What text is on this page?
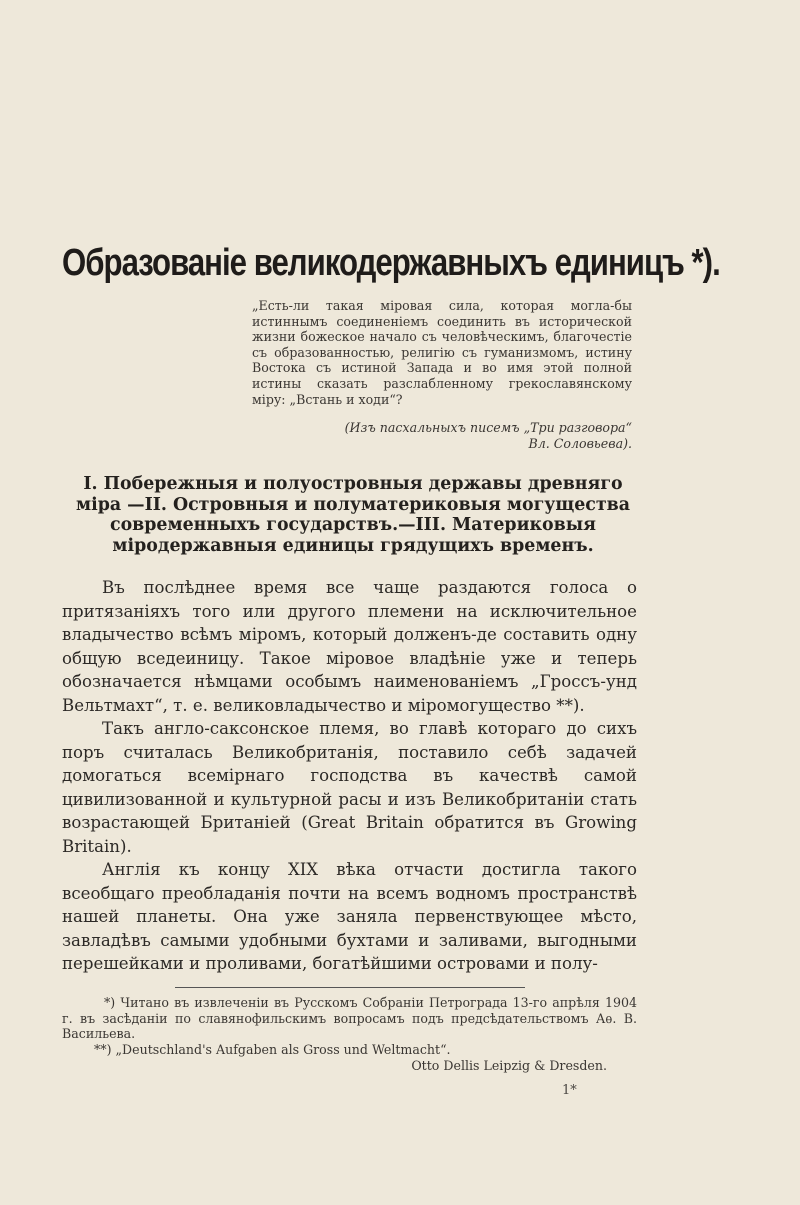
Образованіе великодержавныхъ единицъ *).

„Есть-ли такая міровая сила, которая могла-бы истиннымъ соединеніемъ соединить въ исторической жизни божеское начало съ человѣческимъ, благочестіе съ образованностью, религію съ гуманизмомъ, истину Востока съ истиной Запада и во имя этой полной истины сказать разслабленному грекославянскому міру: „Встань и ходи“?

(Изъ пасхальныхъ писемъ „Три разговора“
Вл. Соловьева).
I. Побережныя и полуостровныя державы древняго міра —II. Островныя и полуматериковыя могущества современныхъ государствъ.—III. Материковыя міродержавныя единицы грядущихъ временъ.

Въ послѣднее время все чаще раздаются голоса о притязаніяхъ того или другого племени на исключительное владычество всѣмъ міромъ, который долженъ-де составить одну общую вседеиницу. Такое міровое владѣніе уже и теперь обозначается нѣмцами особымъ наименованіемъ „Гроссъ-унд Вельтмахт“, т. е. великовладычество и міромогущество **).

Такъ англо-саксонское племя, во главѣ котораго до сихъ поръ считалась Великобританія, поставило себѣ задачей домогаться всемірнаго господства въ качествѣ самой цивилизованной и культурной расы и изъ Великобританіи стать возрастающей Британіей (Great Britain обратится въ Growing Britain).

Англія къ концу XIX вѣка отчасти достигла такого всеобщаго преобладанія почти на всемъ водномъ пространствѣ нашей планеты. Она уже заняла первенствующее мѣсто, завладѣвъ самыми удобными бухтами и заливами, выгодными перешейками и проливами, богатѣйшими островами и полу-

*) Читано въ извлеченіи въ Русскомъ Собраніи Петрограда 13-го апрѣля 1904 г. въ засѣданіи по славянофильскимъ вопросамъ подъ предсѣдательствомъ Аѳ. В. Васильева.

**) „Deutschland's Aufgaben als Gross und Weltmacht“.

Otto Dellis Leipzig & Dresden.

1*
